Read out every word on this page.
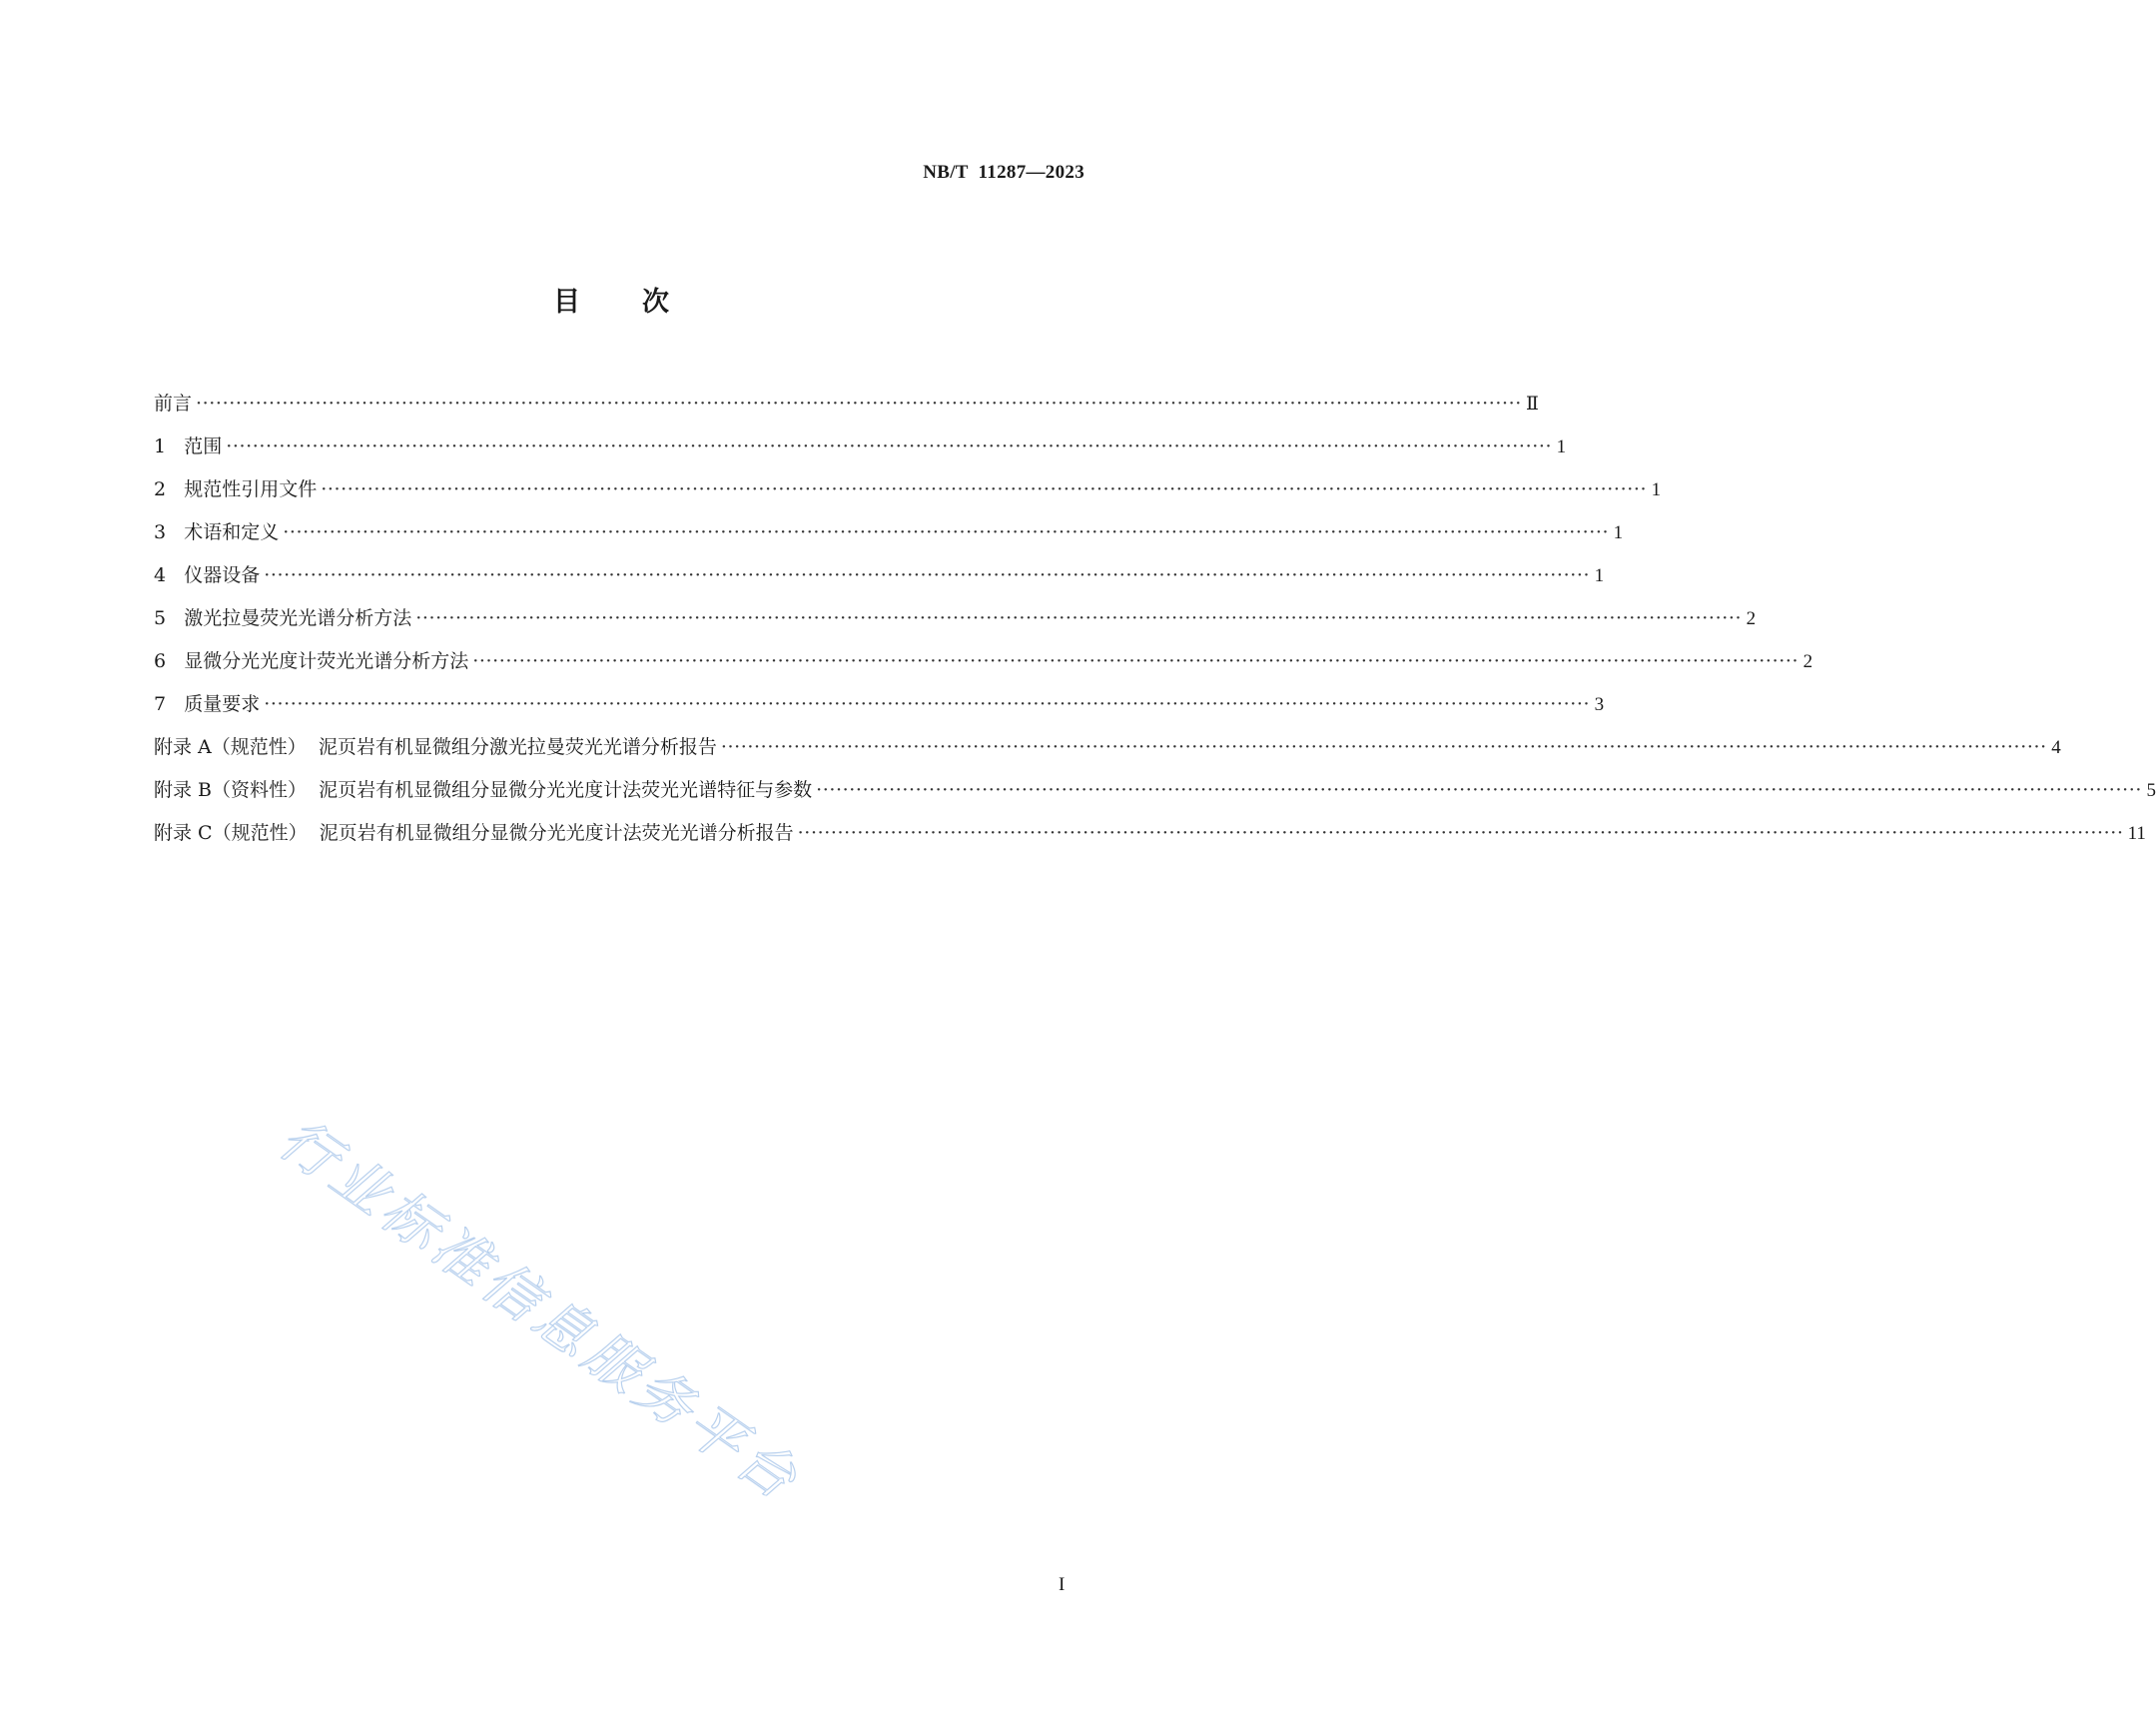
NB/T  11287—2023
目次
前言 ········································································································································································································ Ⅱ
1   范围 ········································································································································································································ 1
2   规范性引用文件 ········································································································································································································ 1
3   术语和定义 ········································································································································································································ 1
4   仪器设备 ········································································································································································································ 1
5   激光拉曼荧光光谱分析方法 ········································································································································································································ 2
6   显微分光光度计荧光光谱分析方法 ········································································································································································································ 2
7   质量要求 ········································································································································································································ 3
附录 A（规范性）  泥页岩有机显微组分激光拉曼荧光光谱分析报告 ········································································································································································································ 4
附录 B（资料性）  泥页岩有机显微组分显微分光光度计法荧光光谱特征与参数 ········································································································································································································ 5
附录 C（规范性）  泥页岩有机显微组分显微分光光度计法荧光光谱分析报告 ········································································································································································································ 11
行业标准信息服务平台
I
